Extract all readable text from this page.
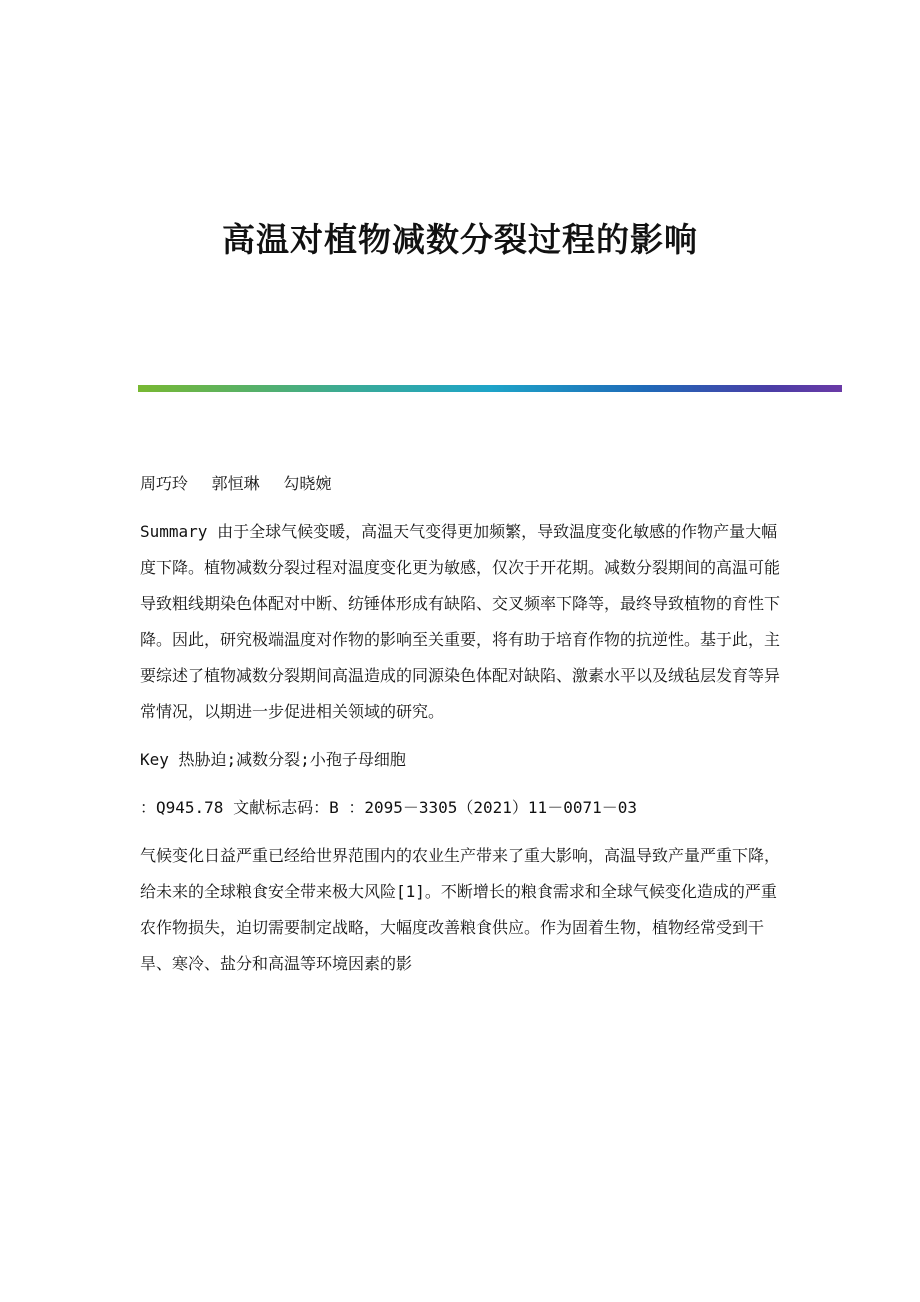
高温对植物减数分裂过程的影响

周巧玲 郭恒琳 勾晓婉

Summary 由于全球气候变暖，高温天气变得更加频繁，导致温度变化敏感的作物产量大幅度下降。植物减数分裂过程对温度变化更为敏感，仅次于开花期。减数分裂期间的高温可能导致粗线期染色体配对中断、纺锤体形成有缺陷、交叉频率下降等，最终导致植物的育性下降。因此，研究极端温度对作物的影响至关重要，将有助于培育作物的抗逆性。基于此，主要综述了植物减数分裂期间高温造成的同源染色体配对缺陷、激素水平以及绒毡层发育等异常情况，以期进一步促进相关领域的研究。

Key 热胁迫;减数分裂;小孢子母细胞

：Q945.78 文献标志码：B ：2095－3305（2021）11－0071－03

气候变化日益严重已经给世界范围内的农业生产带来了重大影响，高温导致产量严重下降，给未来的全球粮食安全带来极大风险[1]。不断增长的粮食需求和全球气候变化造成的严重农作物损失，迫切需要制定战略，大幅度改善粮食供应。作为固着生物，植物经常受到干旱、寒冷、盐分和高温等环境因素的影
